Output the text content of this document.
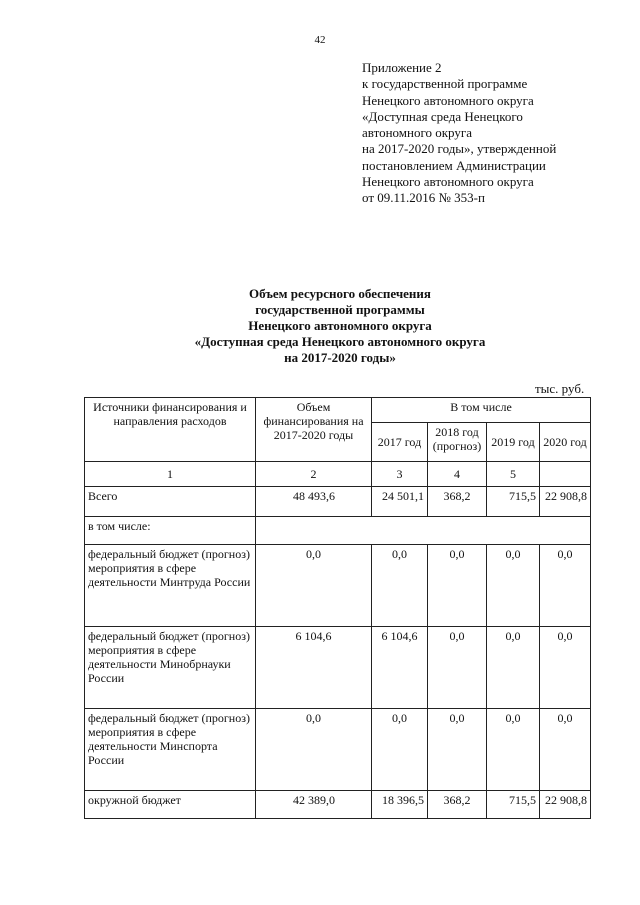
42
Приложение 2
к государственной программе
Ненецкого автономного округа
«Доступная среда Ненецкого
автономного округа
на 2017-2020 годы», утвержденной
постановлением Администрации
Ненецкого автономного округа
от 09.11.2016 № 353-п
Объем ресурсного обеспечения
государственной программы
Ненецкого автономного округа
«Доступная среда Ненецкого автономного округа
на 2017-2020 годы»
тыс. руб.
Источники финансирования и направления расходов	Объем финансирования на 2017-2020 годы	В том числе			
		2017 год	2018 год (прогноз)	2019 год	2020 год
1	2	3	4	5	
Всего	48 493,6	24 501,1	368,2	715,5	22 908,8
в том числе:					
федеральный бюджет (прогноз) мероприятия в сфере деятельности Минтруда России	0,0	0,0	0,0	0,0	0,0
федеральный бюджет (прогноз) мероприятия в сфере деятельности Минобрнауки России	6 104,6	6 104,6	0,0	0,0	0,0
федеральный бюджет (прогноз) мероприятия в сфере деятельности Минспорта России	0,0	0,0	0,0	0,0	0,0
окружной бюджет	42 389,0	18 396,5	368,2	715,5	22 908,8
